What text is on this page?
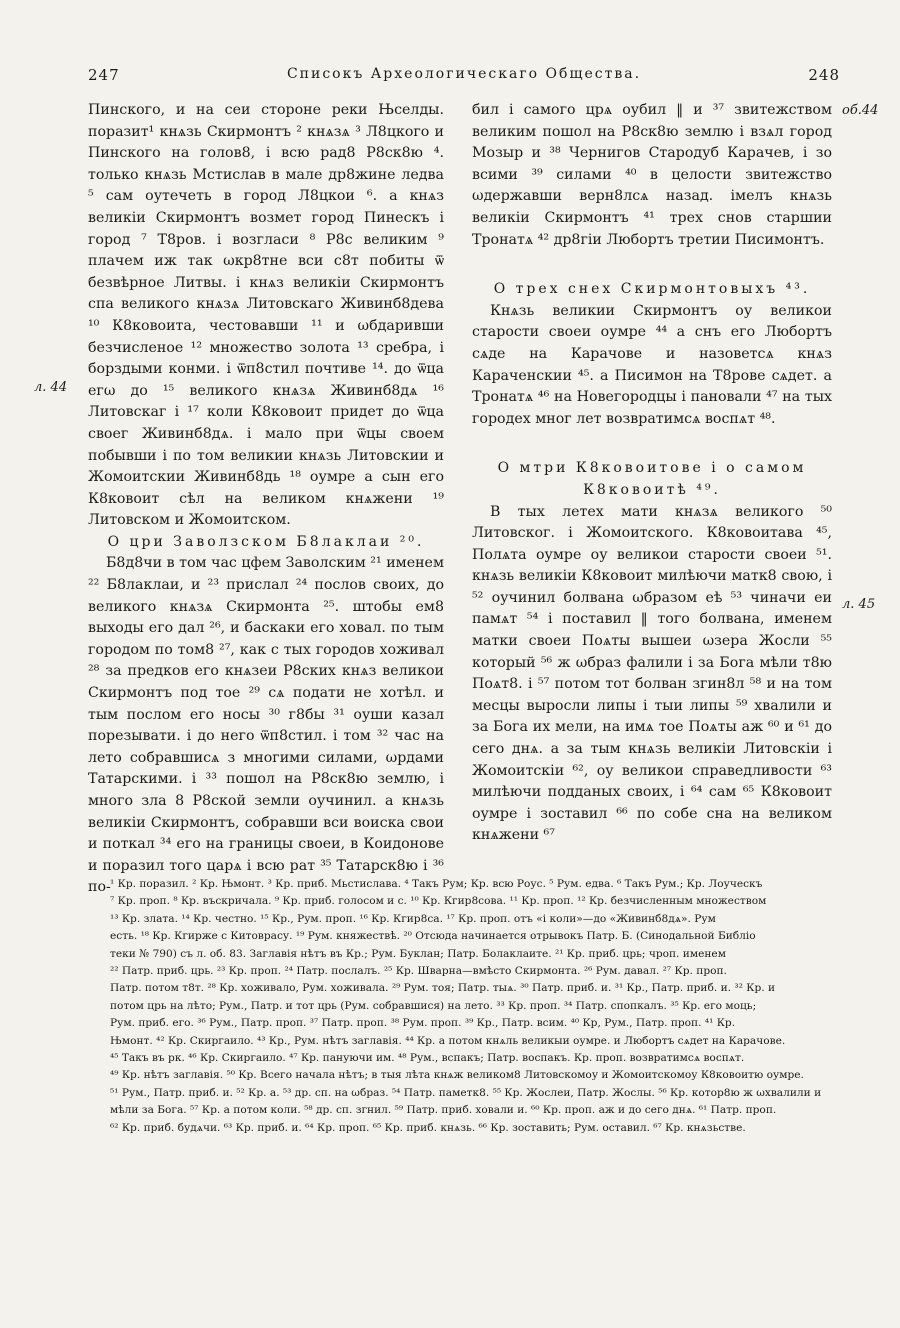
247	Списокъ Археологическаго Общества.	248
л. 44
об.44
л. 45

Пинского, и на сеи стороне реки Њселды. поразит¹ кнѧзь Скирмонтъ ² кнѧзѧ ³ Л8цкого и Пинского на голов8, і всю рад8 Р8ск8ю ⁴. только кнѧзь Мстислав в мале др8жине ледва ⁵ сам оутечеть в город Л8цкои ⁶. а кнѧз великіи Скирмонтъ возмет город Пинескъ і город ⁷ Т8ров. і возгласи ⁸ Р8с великим ⁹ плачем иж так ωкр8тне вси с8т побиты ѿ безвѣрное Литвы. і кнѧз великіи Скирмонтъ спа великого кнѧзѧ Литовскаго Живинб8дева ¹⁰ К8ковоита, честовавши ¹¹ и ωбдаривши безчисленое ¹² множество золота ¹³ сребра, і борздыми конми. і ѿп8стил почтиве ¹⁴. до ѿца егω до ¹⁵ великого кнѧзѧ Живинб8дѧ ¹⁶ Литовскаг і ¹⁷ коли К8ковоит придет до ѿца своег Живинб8дѧ. і мало при ѿцы своем побывши і по том великии кнѧзь Литовскии и Жомоитскии Живинб8дь ¹⁸ оумре а сын его К8ковоит сѣл на великом кнѧжени ¹⁹ Литовском и Жомоитском.

О цри Заволзском Б8лаклаи ²⁰.

Б8д8чи в том час цфем Заволским ²¹ именем ²² Б8лаклаи, и ²³ прислал ²⁴ послов своих, до великого кнѧзѧ Скирмонта ²⁵. штобы ем8 выходы его дал ²⁶, и баскаки его ховал. по тым городом по том8 ²⁷, как с тых городов хоживал ²⁸ за предков его кнѧзеи Р8ских кнѧз великои Скирмонтъ под тое ²⁹ сѧ подати не хотѣл. и тым послом его носы ³⁰ г8бы ³¹ оуши казал порезывати. і до него ѿп8стил. і том ³² час на лето собравшисѧ з многими силами, ωрдами Татарскими. і ³³ пошол на Р8ск8ю землю, і много зла 8 Р8ской земли оучинил. а кнѧзь великіи Скирмонтъ, собравши вси воиска свои и поткал ³⁴ его на границы своеи, в Коидонове и поразил того царѧ і всю рат ³⁵ Татарск8ю і ³⁶ по-

бил і самого црѧ оубил ‖ и ³⁷ звитежством великим пошол на Р8ск8ю землю і взѧл город Мозыр и ³⁸ Чернигов Стародуб Карачев, і зо всими ³⁹ силами ⁴⁰ в целости звитежство ωдержавши верн8лсѧ назад. імелъ кнѧзь великіи Скирмонтъ ⁴¹ трех снов старшии Тронатѧ ⁴² др8гіи Любортъ третии Писимонтъ.

О трех снех Скирмонтовыхъ ⁴³.

Кнѧзь великии Скирмонтъ оу великои старости своеи оумре ⁴⁴ а снъ его Любортъ сѧде на Карачове и назоветсѧ кнѧз Караченскии ⁴⁵. а Писимон на Т8рове сѧдет. а Тронатѧ ⁴⁶ на Новегородцы і пановали ⁴⁷ на тых городех мног лет возвратимсѧ воспѧт ⁴⁸.

О мтри К8ковоитове і о самом К8ковоитѣ ⁴⁹.

В тых летех мати кнѧзѧ великого ⁵⁰ Литовског. і Жомоитского. К8ковоитава ⁴⁵, Полѧта оумре оу великои старости своеи ⁵¹. кнѧзь великіи К8ковоит милѣючи матк8 свою, і ⁵² оучинил болвана ωбразом еѣ ⁵³ чиначи еи пам‌ѧт ⁵⁴ і поставил ‖ того болвана, именем матки своеи Поѧты вышеи ωзера Жосли ⁵⁵ который ⁵⁶ ж ωбраз фалили і за Бога мѣли т8ю Поѧт8. і ⁵⁷ потом тот болван згин8л ⁵⁸ и на том месцы выросли липы і тыи липы ⁵⁹ хвалили и за Бога их мели, на имѧ тое Поѧты аж ⁶⁰ и ⁶¹ до сего днѧ. а за тым кнѧзь великіи Литовскіи і Жомоитскіи ⁶², оу великои справедливости ⁶³ милѣючи подданых своих, і ⁶⁴ сам ⁶⁵ К8ковоит оумре і зоставил ⁶⁶ по собе сна на великом кнѧжени ⁶⁷

¹ Кр. поразил. ² Кр. Њмонт. ³ Кр. приб. Мьстислава. ⁴ Такъ Рум; Кр. всю Роус. ⁵ Рум. едва. ⁶ Такъ Рум.; Кр. Лоуческъ

⁷ Кр. проп. ⁸ Кр. въскричала. ⁹ Кр. приб. голосом и с. ¹⁰ Кр. Кгир8сова. ¹¹ Кр. проп. ¹² Кр. безчисленным множеством

¹³ Кр. злата. ¹⁴ Кр. честно. ¹⁵ Кр., Рум. проп. ¹⁶ Кр. Кгир8са. ¹⁷ Кр. проп. отъ «і коли»—до «Живинб8дѧ». Рум

есть. ¹⁸ Кр. Кгирже с Китоврасу. ¹⁹ Рум. княжествѣ. ²⁰ Отсюда начинается отрывокъ Патр. Б. (Синодальной Библіо

теки № 790) съ л. об. 83. Заглавія нѣтъ въ Кр.; Рум. Буклан; Патр. Болаклаите. ²¹ Кр. приб. црь; чроп. именем

²² Патр. приб. црь. ²³ Кр. проп. ²⁴ Патр. послалъ. ²⁵ Кр. Шварна—вмѣсто Скирмонта. ²⁶ Рум. давал. ²⁷ Кр. проп.

Патр. потом т8т. ²⁸ Кр. хоживало, Рум. хоживала. ²⁹ Рум. тоя; Патр. тыѧ. ³⁰ Патр. приб. и. ³¹ Кр., Патр. приб. и. ³² Кр. и

потом црь на лѣто; Рум., Патр. и тот црь (Рум. собравшися) на лето. ³³ Кр. проп. ³⁴ Патр. спопкалъ. ³⁵ Кр. его моць;

Рум. приб. его. ³⁶ Рум., Патр. проп. ³⁷ Патр. проп. ³⁸ Рум. проп. ³⁹ Кр., Патр. всим. ⁴⁰ Кр, Рум., Патр. проп. ⁴¹ Кр.

Њмонт. ⁴² Кр. Скиргаило. ⁴³ Кр., Рум. нѣтъ заглавія. ⁴⁴ Кр. а потом кнѧль великыи оумре. и Любортъ сѧдет на Карачове.

⁴⁵ Такъ въ рк. ⁴⁶ Кр. Скиргаило. ⁴⁷ Кр. пануючи им. ⁴⁸ Рум., вспакъ; Патр. воспакъ. Кр. проп. возвратимсѧ воспѧт.

⁴⁹ Кр. нѣтъ заглавія. ⁵⁰ Кр. Всего начала нѣтъ; в тыя лѣта кнѧж великом8 Литовскомоу и Жомоитскомоу К8ковоитю оумре.

⁵¹ Рум., Патр. приб. и. ⁵² Кр. а. ⁵³ др. сп. на ωбраз. ⁵⁴ Патр. паметк8. ⁵⁵ Кр. Жослеи, Патр. Жослы. ⁵⁶ Кр. котор8ю ж ωхвалили и

мѣли за Бога. ⁵⁷ Кр. а потом коли. ⁵⁸ др. сп. згнил. ⁵⁹ Патр. приб. ховали и. ⁶⁰ Кр. проп. аж и до сего днѧ. ⁶¹ Патр. проп.

⁶² Кр. приб. будѧчи. ⁶³ Кр. приб. и. ⁶⁴ Кр. проп. ⁶⁵ Кр. приб. кнѧзь. ⁶⁶ Кр. зоставить; Рум. оставил. ⁶⁷ Кр. кнѧзьстве.
